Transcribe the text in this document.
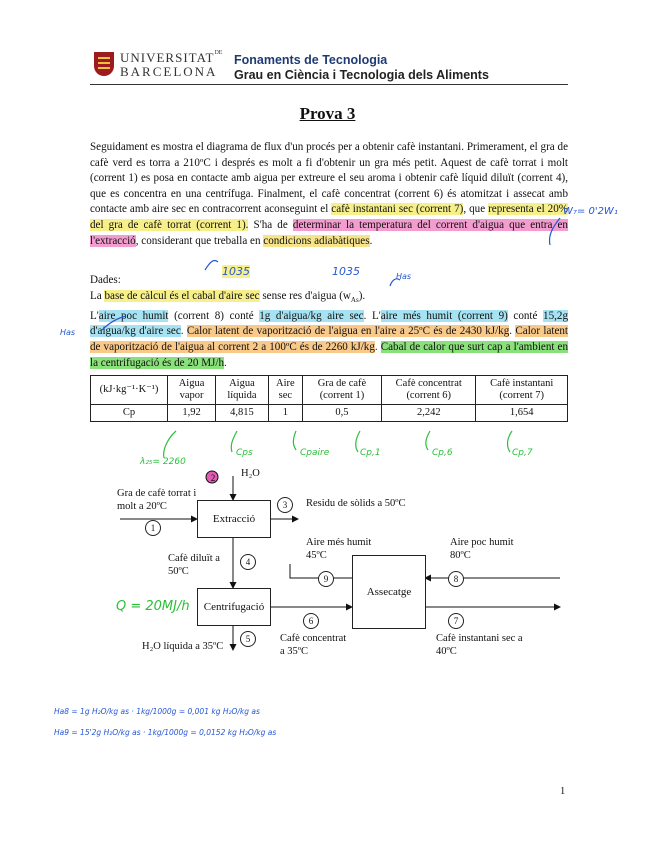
$UNIVERSITAT^{DE}$
BARCELONA
Fonaments de Tecnologia
Grau en Ciència i Tecnologia dels Aliments
Prova 3
Seguidament es mostra el diagrama de flux d'un procés per a obtenir cafè instantani. Primerament, el gra de cafè verd es torra a 210ºC i després es molt a fi d'obtenir un gra més petit. Aquest de cafè torrat i molt (corrent 1) es posa en contacte amb aigua per extreure el seu aroma i obtenir cafè líquid diluït (corrent 4), que es concentra en una centrífuga. Finalment, el cafè concentrat (corrent 6) és atomitzat i assecat amb contacte amb aire sec en contracorrent aconseguint el cafè instantani sec (corrent 7), que representa el 20% del gra de cafè torrat (corrent 1). S'ha de determinar la temperatura del corrent d'aigua que entra en l'extracció, considerant que treballa en condicions adiabàtiques.
Dades:
La base de càlcul és el cabal d'aire sec sense res d'aigua $(w_{As})$.
L'aire poc humit (corrent 8) conté 1g d'aigua/kg aire sec. L'aire més humit (corrent 9) conté 15,2g d'aigua/kg d'aire sec. Calor latent de vaporització de l'aigua en l'aire a 25ºC és de 2430 kJ/kg. Calor latent de vaporització de l'aigua al corrent 2 a 100ºC és de 2260 kJ/kg. Cabal de calor que surt cap a l'ambient en la centrifugació és de 20 MJ/h.
(kJ·kg⁻¹·K⁻¹)	Aigua vapor	Aigua líquida	Aire sec	Gra de cafè (corrent 1)	Cafè concentrat (corrent 6)	Cafè instantani (corrent 7)
Cp	1,92	4,815	1	0,5	2,242	1,654
Extracció
Centrifugació
Assecatge
H₂O
Gra de cafè torrat i molt a 20ºC	Residu de sòlids a 50ºC
Cafè diluït a 50ºC
H₂O líquida a 35ºC
Cafè concentrat a 35ºC
Cafè instantani sec a 40ºC
Aire poc humit 80ºC
Aire més humit 45ºC
1
2
3
4
5
6	7
8
9
W₇= 0'2W₁
1035	1035	Has
Has
λ₂₅= 2260
Cps	Cpaire	Cp,1	Cp,6	Cp,7
Q = 20MJ/h
Ha8 = 1g H₂O/kg as · 1kg/1000g = 0,001 kg H₂O/kg as
Ha9 = 15'2g H₂O/kg as · 1kg/1000g = 0,0152 kg H₂O/kg as
1
